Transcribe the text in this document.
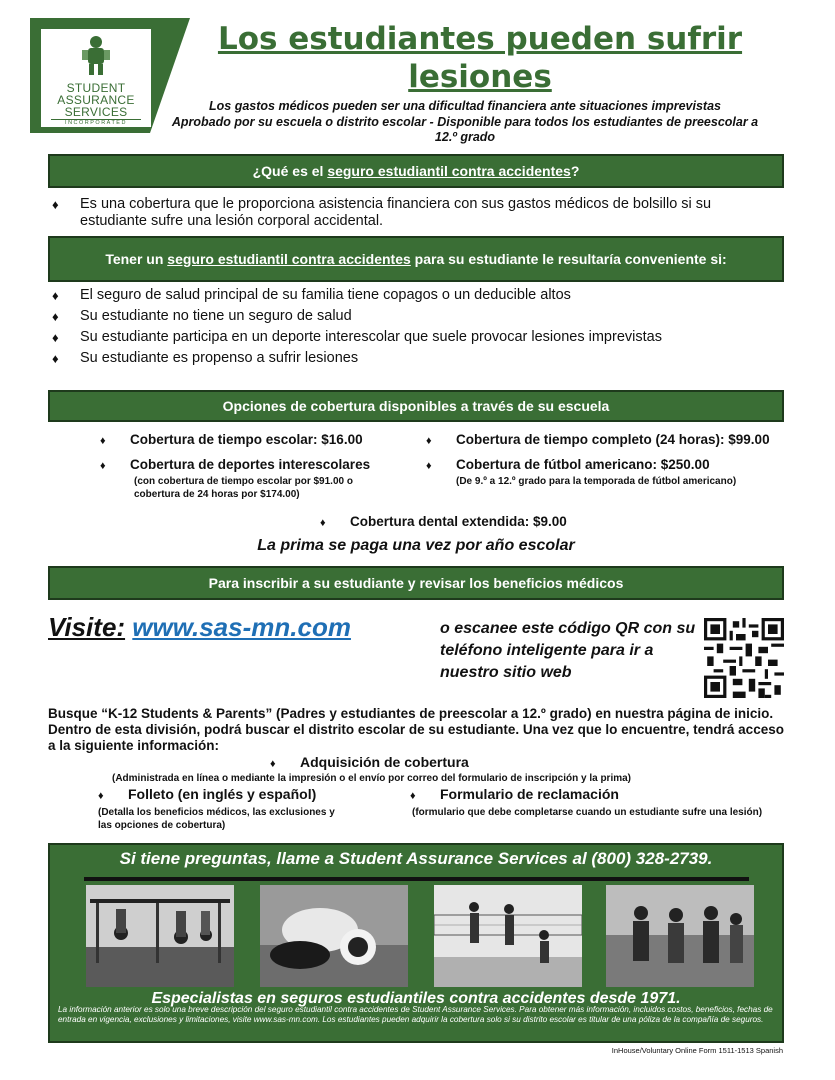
STUDENT
ASSURANCE
SERVICES
INCORPORATED
Los estudiantes pueden sufrir lesiones
Los gastos médicos pueden ser una dificultad financiera ante situaciones imprevistas
Aprobado por su escuela o distrito escolar - Disponible para todos los estudiantes de preescolar a 12.º grado
¿Qué es el seguro estudiantil contra accidentes?
♦	Es una cobertura que le proporciona asistencia financiera con sus gastos médicos de bolsillo si su estudiante sufre una lesión corporal accidental.
Tener un seguro estudiantil contra accidentes para su estudiante le resultaría conveniente si:
♦	El seguro de salud principal de su familia tiene copagos o un deducible altos
♦	Su estudiante no tiene un seguro de salud
♦	Su estudiante participa en un deporte interescolar que suele provocar lesiones imprevistas
♦	Su estudiante es propenso a sufrir lesiones
Opciones de cobertura disponibles a través de su escuela
♦ Cobertura de tiempo escolar: $16.00	♦ Cobertura de tiempo completo (24 horas): $99.00
♦ Cobertura de deportes interescolares
(con cobertura de tiempo escolar por $91.00 o cobertura de 24 horas por $174.00)
♦ Cobertura de fútbol americano: $250.00
(De 9.º a 12.º grado para la temporada de fútbol americano)
♦ Cobertura dental extendida: $9.00
La prima se paga una vez por año escolar
Para inscribir a su estudiante y revisar los beneficios médicos
Visite: www.sas-mn.com	o escanee este código QR con su teléfono inteligente para ir a nuestro sitio web
Busque “K-12 Students & Parents” (Padres y estudiantes de preescolar a 12.º grado) en nuestra página de inicio. Dentro de esta división, podrá buscar el distrito escolar de su estudiante. Una vez que lo encuentre, tendrá acceso a la siguiente información:
♦ Adquisición de cobertura
(Administrada en línea o mediante la impresión o el envío por correo del formulario de inscripción y la prima)
♦ Folleto (en inglés y español)
(Detalla los beneficios médicos, las exclusiones y las opciones de cobertura)
♦ Formulario de reclamación
(formulario que debe completarse cuando un estudiante sufre una lesión)
Si tiene preguntas, llame a Student Assurance Services al (800) 328-2739.
Especialistas en seguros estudiantiles contra accidentes desde 1971.
La información anterior es solo una breve descripción del seguro estudiantil contra accidentes de Student Assurance Services. Para obtener más información, incluidos costos, beneficios, fechas de entrada en vigencia, exclusiones y limitaciones, visite www.sas-mn.com. Los estudiantes pueden adquirir la cobertura solo si su distrito escolar es titular de una póliza de la compañía de seguros.
InHouse/Voluntary Online Form 1511-1513 Spanish
